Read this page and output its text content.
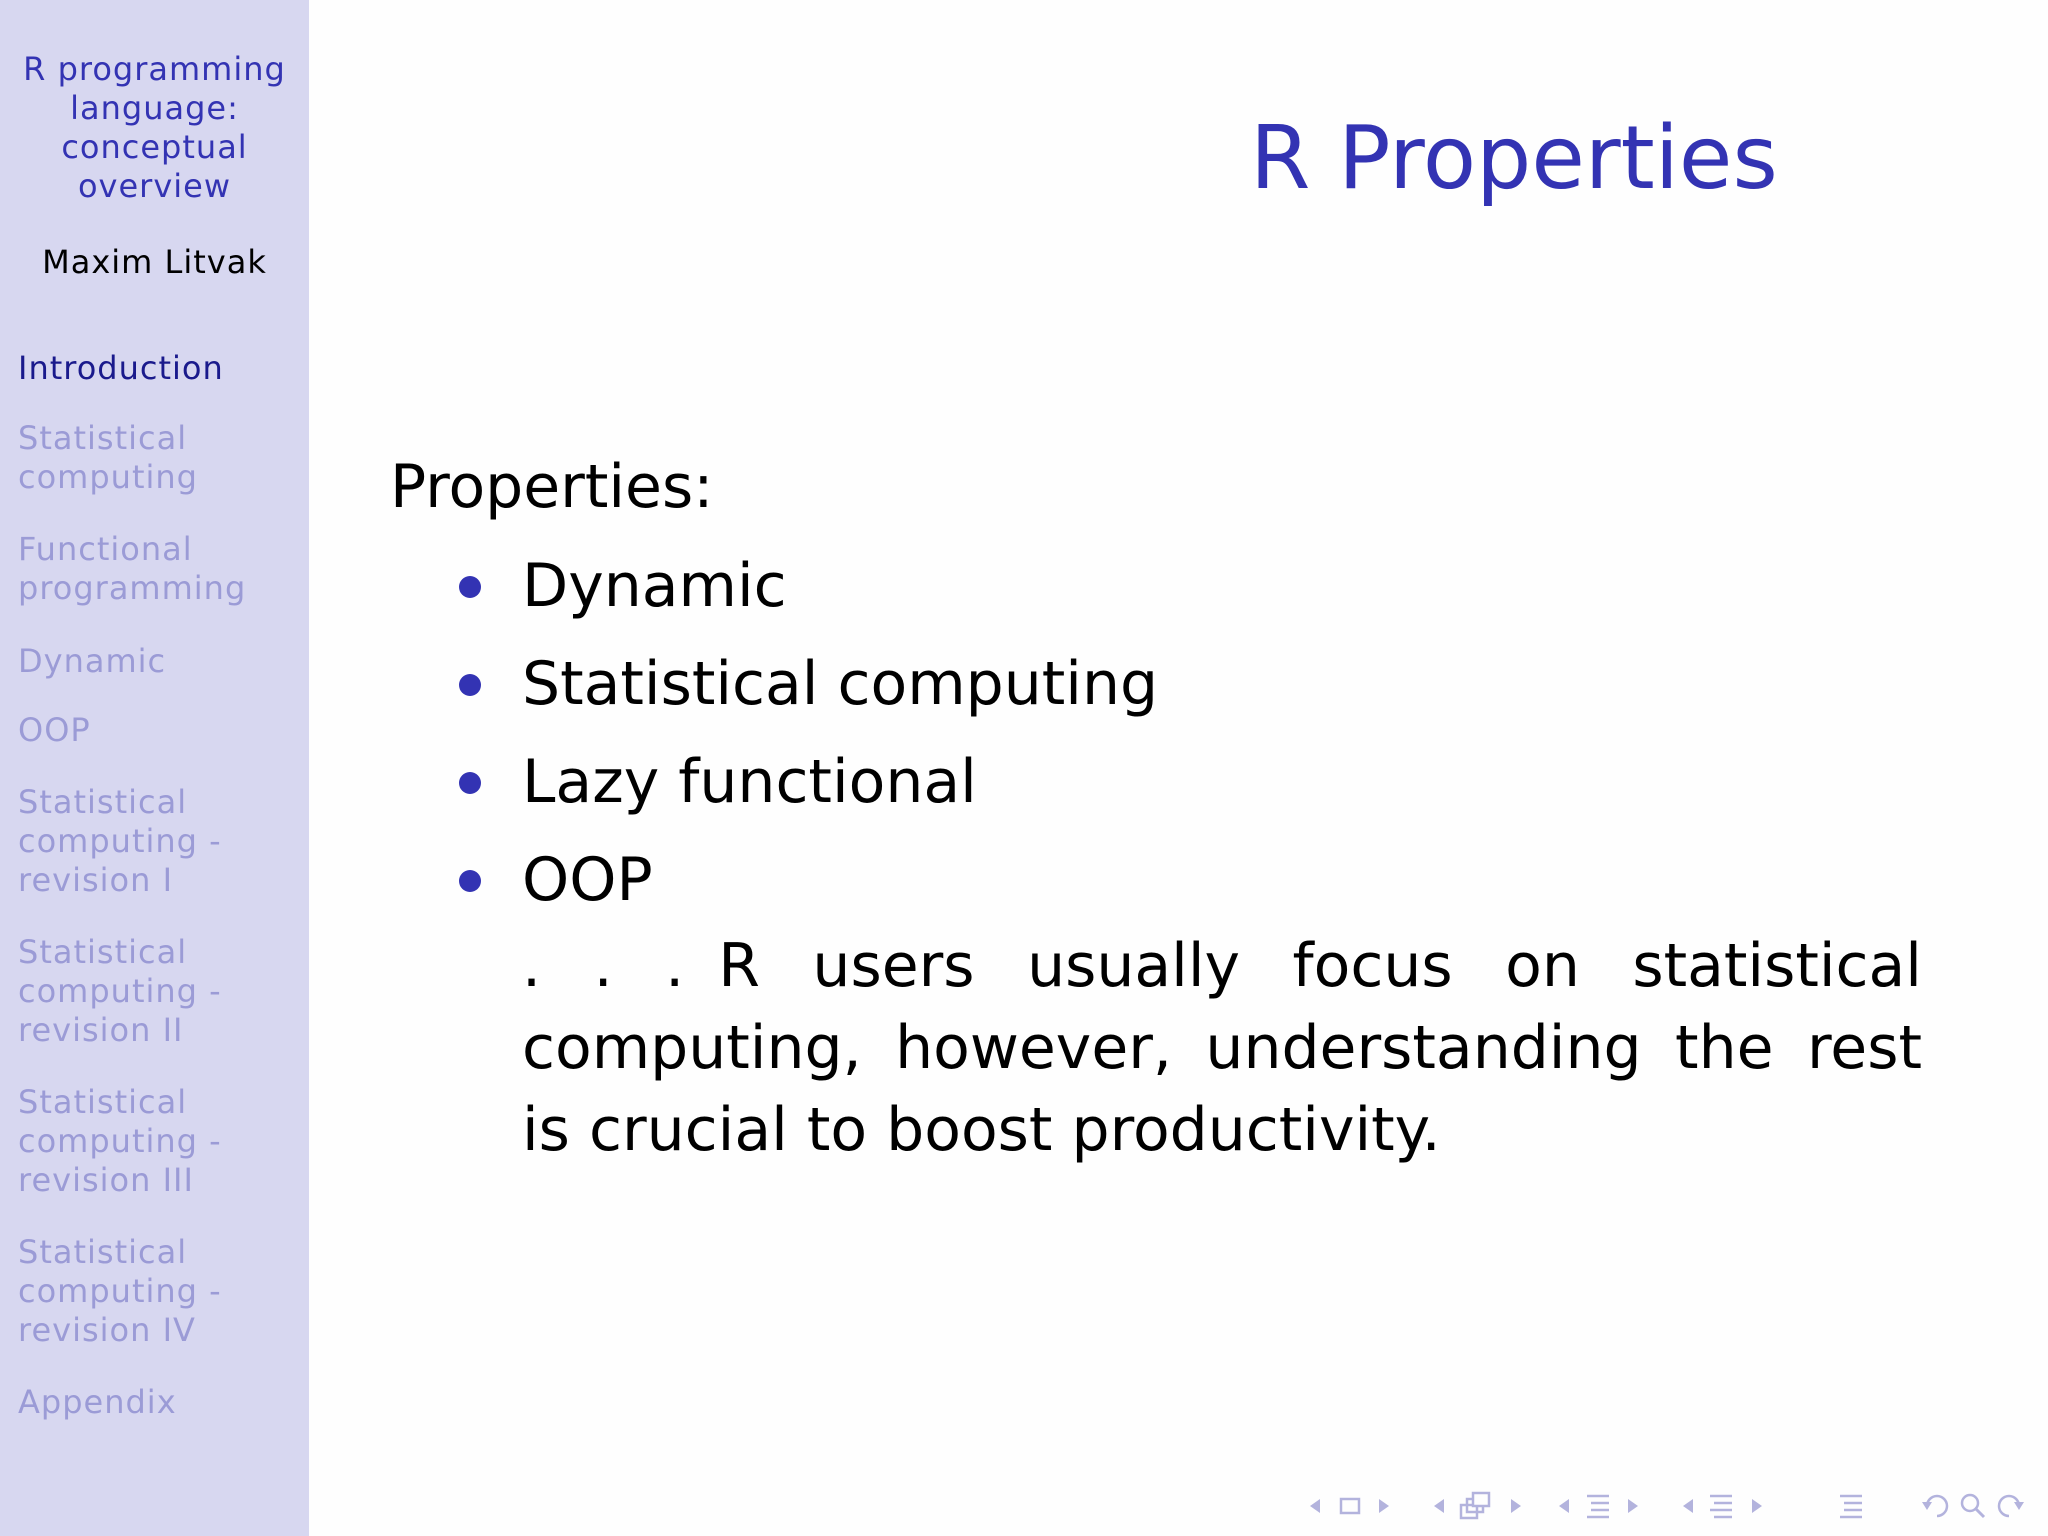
R programming
language:
conceptual
overview
Maxim Litvak
Introduction
Statistical
computing
Functional
programming
Dynamic
OOP
Statistical
computing -
revision I
Statistical
computing -
revision II
Statistical
computing -
revision III
Statistical
computing -
revision IV
Appendix
R Properties
Properties:
Dynamic
Statistical computing
Lazy functional
OOP
. . . R users usually focus on statistical computing, however, understanding the rest is crucial to boost productivity.
